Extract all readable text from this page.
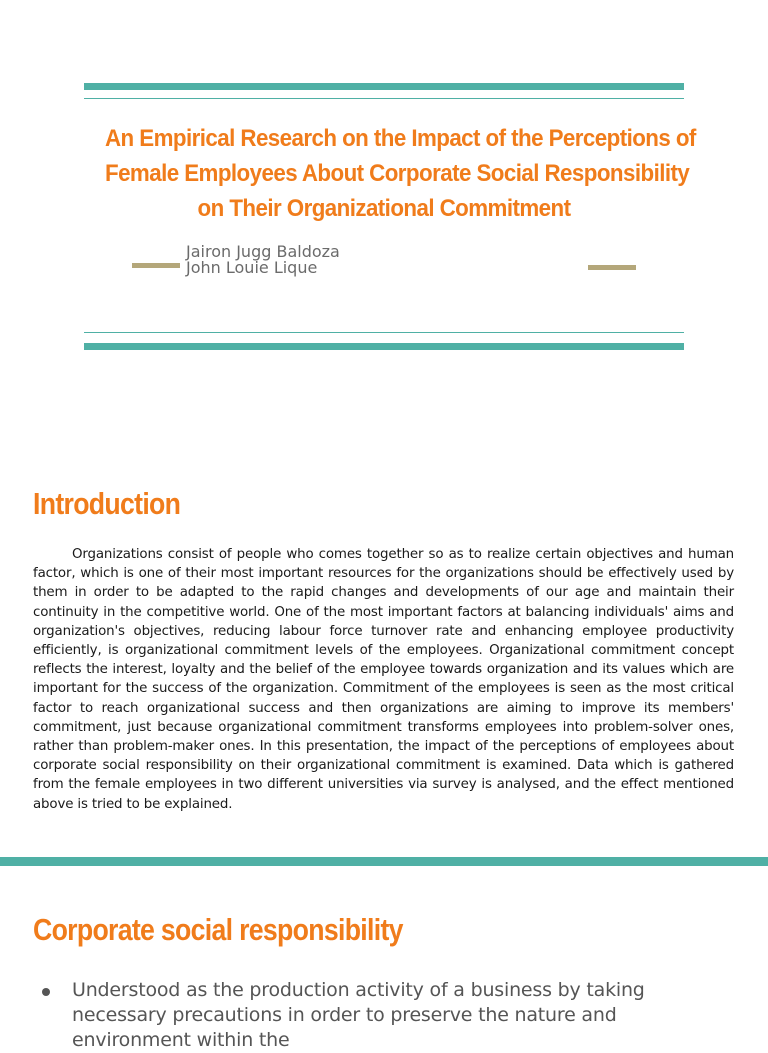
An Empirical Research on the Impact of the Perceptions of
Female Employees About Corporate Social Responsibility
on Their Organizational Commitment
Jairon Jugg Baldoza
John Louie Lique
Introduction

Organizations consist of people who comes together so as to realize certain objectives and human factor, which is one of their most important resources for the organizations should be effectively used by them in order to be adapted to the rapid changes and developments of our age and maintain their continuity in the competitive world. One of the most important factors at balancing individuals' aims and organization's objectives, reducing labour force turnover rate and enhancing employee productivity efficiently, is organizational commitment levels of the employees. Organizational commitment concept reflects the interest, loyalty and the belief of the employee towards organization and its values which are important for the success of the organization. Commitment of the employees is seen as the most critical factor to reach organizational success and then organizations are aiming to improve its members' commitment, just because organizational commitment transforms employees into problem-solver ones, rather than problem-maker ones. In this presentation, the impact of the perceptions of employees about corporate social responsibility on their organizational commitment is examined. Data which is gathered from the female employees in two different universities via survey is analysed, and the effect mentioned above is tried to be explained.

Corporate social responsibility
Understood as the production activity of a business by taking necessary precautions in order to preserve the nature and environment within the
